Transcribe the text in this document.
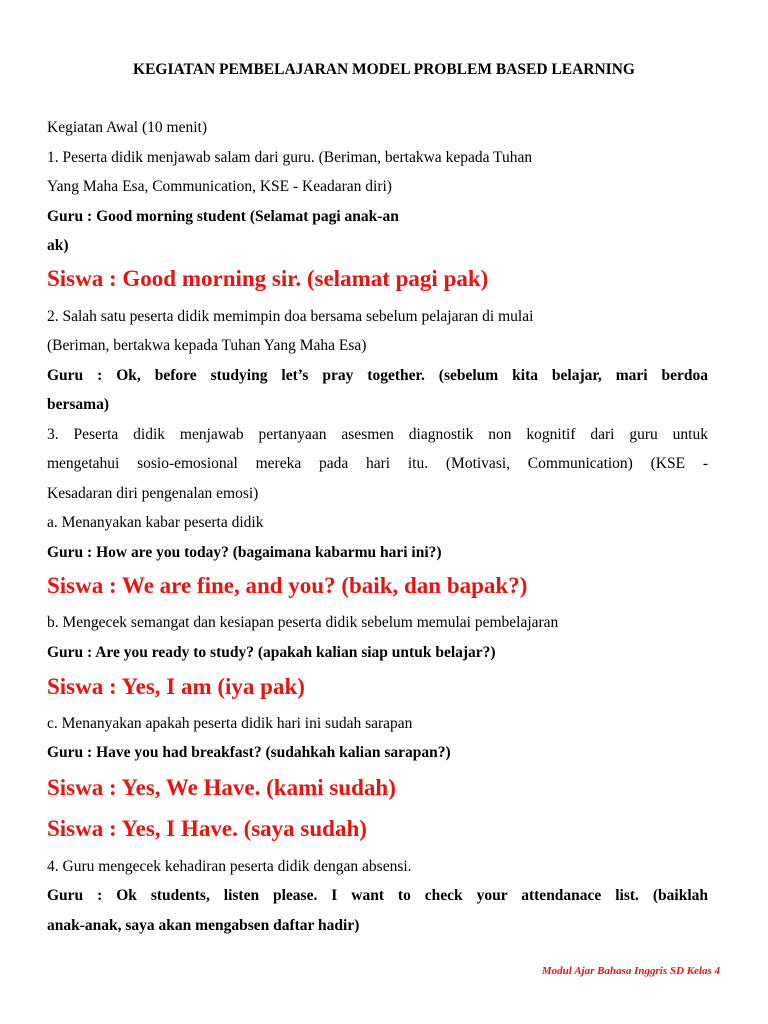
KEGIATAN PEMBELAJARAN MODEL PROBLEM BASED LEARNING
Kegiatan Awal (10 menit)
1. Peserta didik menjawab salam dari guru. (Beriman, bertakwa kepada Tuhan
Yang Maha Esa, Communication, KSE - Keadaran diri)
Guru : Good morning student (Selamat pagi anak-an
ak)
Siswa : Good morning sir. (selamat pagi pak)
2. Salah satu peserta didik memimpin doa bersama sebelum pelajaran di mulai
(Beriman, bertakwa kepada Tuhan Yang Maha Esa)
Guru : Ok, before studying let’s pray together. (sebelum kita belajar, mari berdoa
bersama)
3. Peserta didik menjawab pertanyaan asesmen diagnostik non kognitif dari guru untuk
mengetahui sosio-emosional mereka pada hari itu. (Motivasi, Communication) (KSE -
Kesadaran diri pengenalan emosi)
a. Menanyakan kabar peserta didik
Guru : How are you today? (bagaimana kabarmu hari ini?)
Siswa : We are fine, and you? (baik, dan bapak?)
b. Mengecek semangat dan kesiapan peserta didik sebelum memulai pembelajaran
Guru : Are you ready to study? (apakah kalian siap untuk belajar?)
Siswa : Yes, I am (iya pak)
c. Menanyakan apakah peserta didik hari ini sudah sarapan
Guru : Have you had breakfast? (sudahkah kalian sarapan?)
Siswa : Yes, We Have. (kami sudah)
Siswa : Yes, I Have. (saya sudah)
4. Guru mengecek kehadiran peserta didik dengan absensi.
Guru : Ok students, listen please. I want to check your attendanace list. (baiklah
anak-anak, saya akan mengabsen daftar hadir)
Modul Ajar Bahasa Inggris SD Kelas 4
